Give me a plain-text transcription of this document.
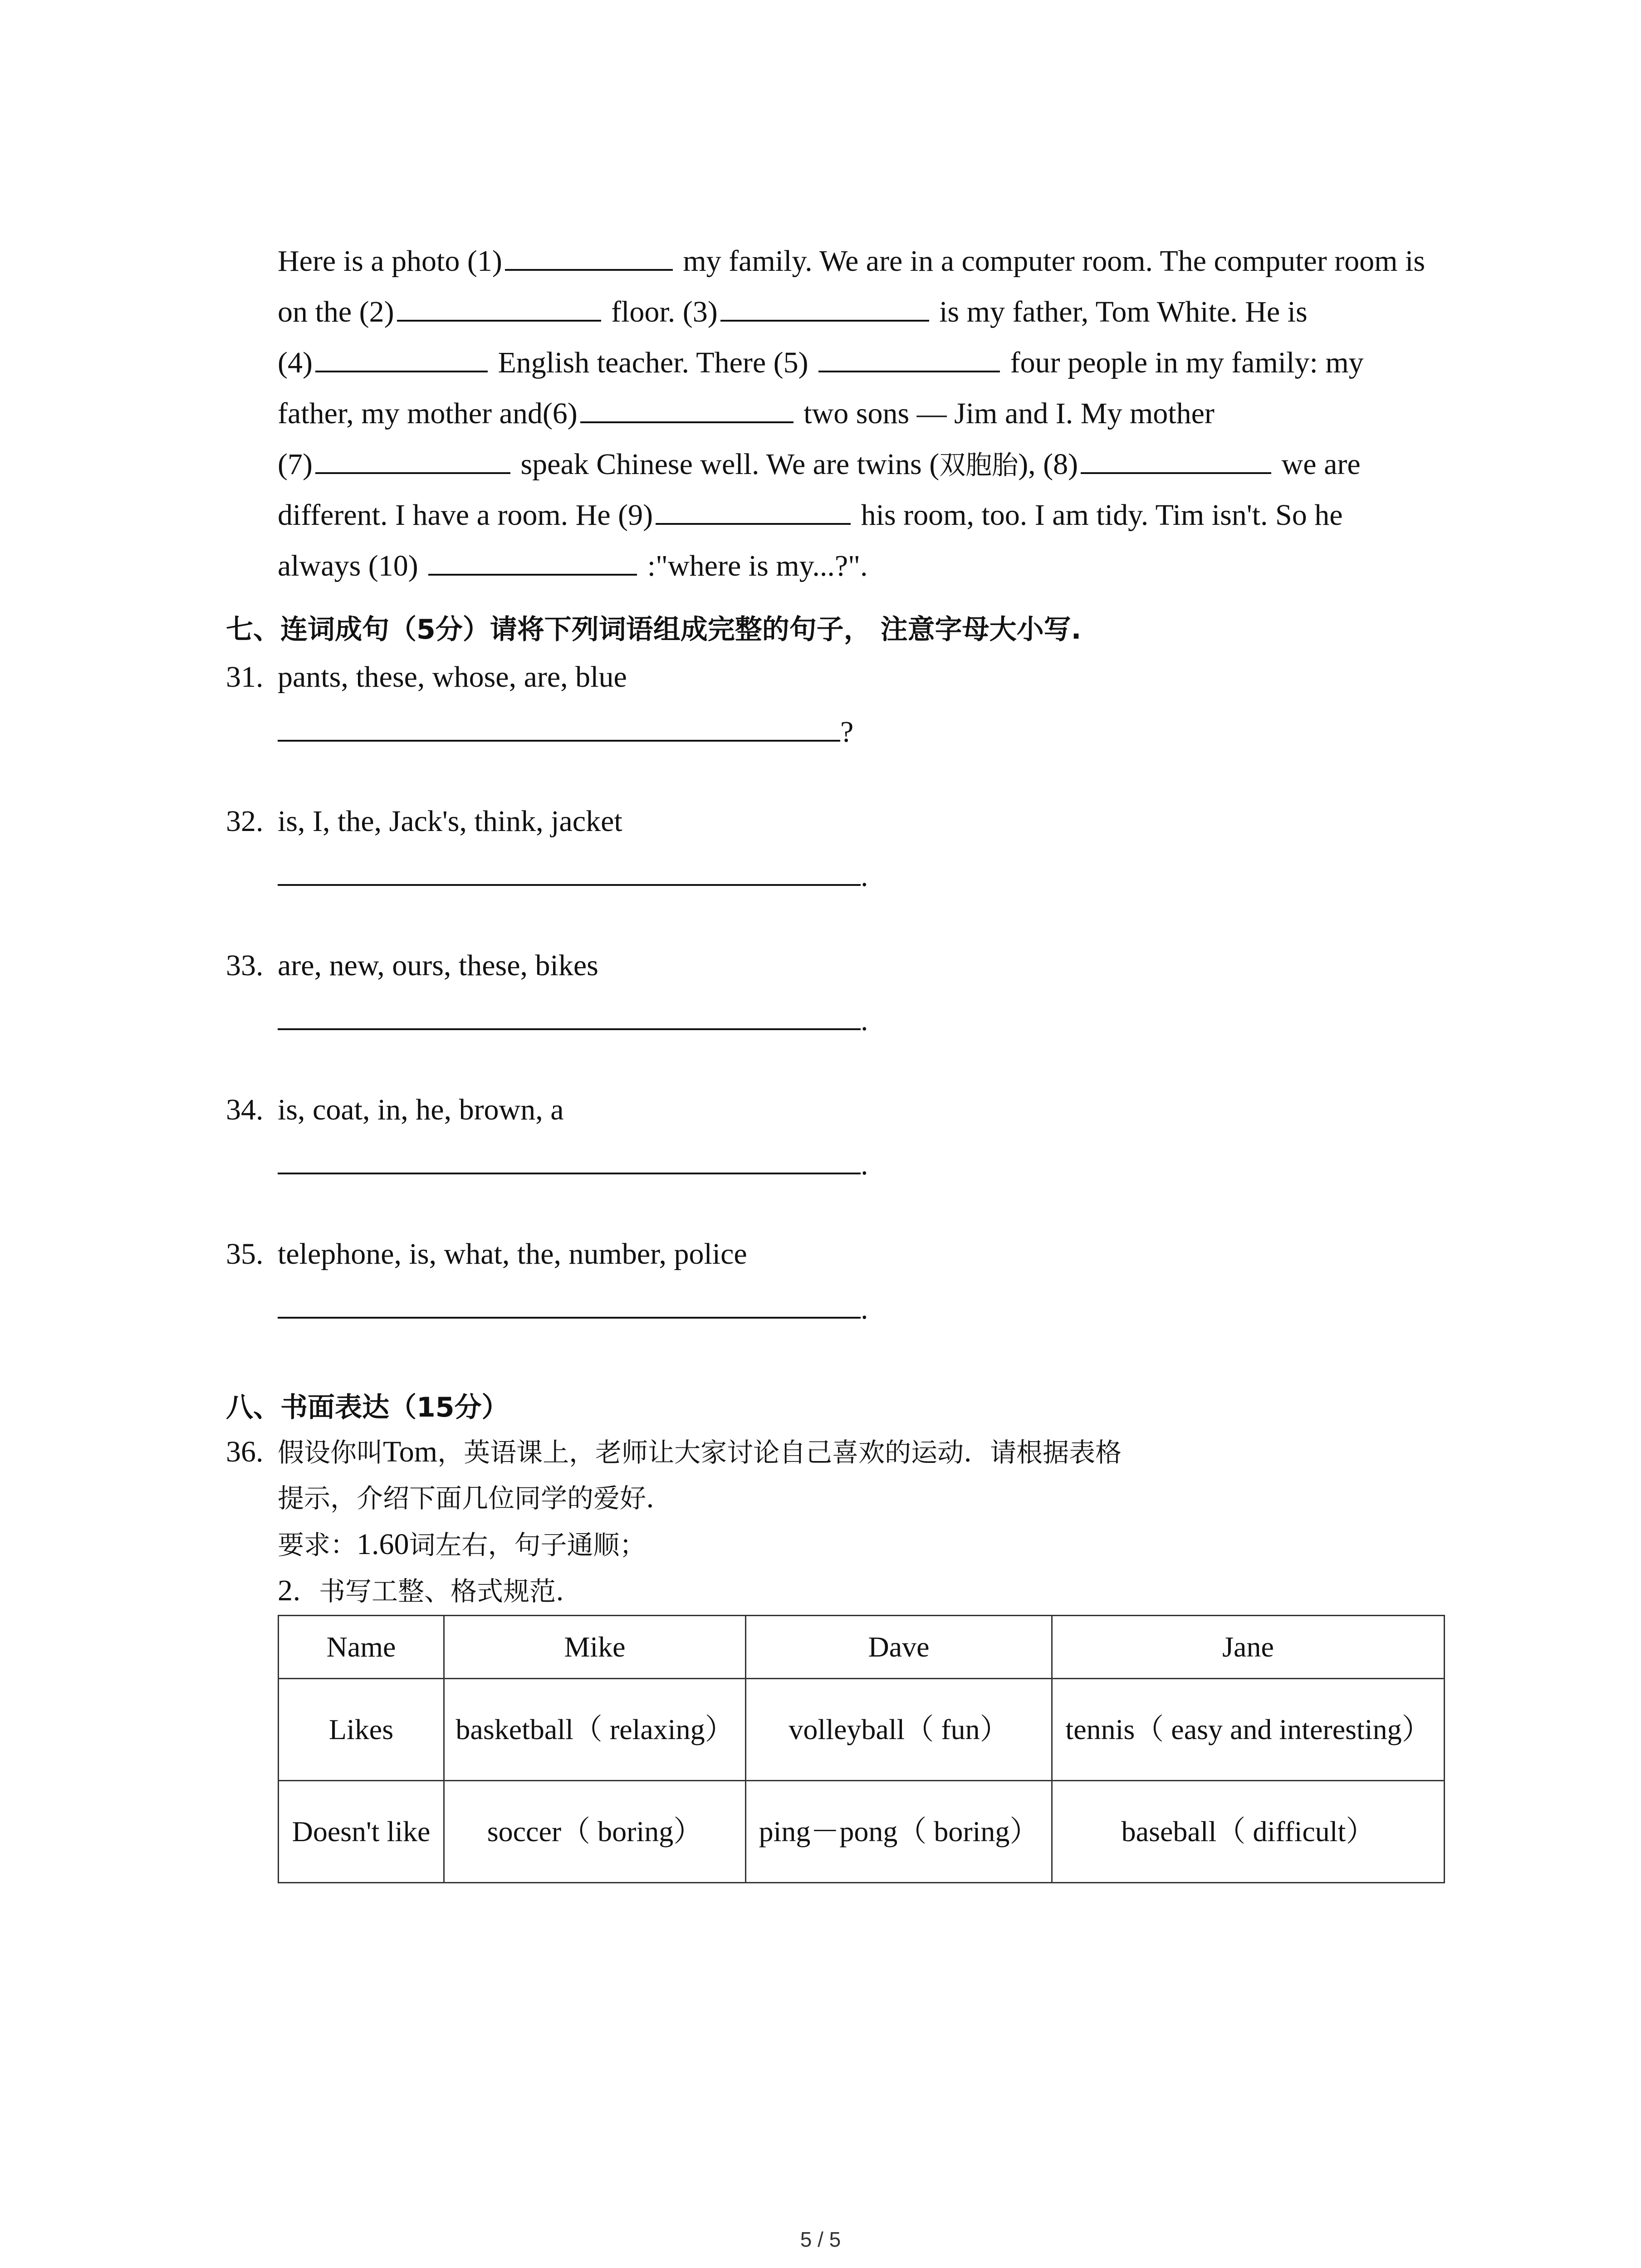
Here is a photo (1)	my family. We are in a computer room. The computer room is
on the (2)	floor. (3)	is my father, Tom White. He is
(4)	English teacher. There (5)	four people in my family: my
father, my mother and(6)	two sons — Jim and I. My mother
(7)	speak Chinese well. We are twins (双胞胎), (8)	we are
different. I have a room. He (9)	his room, too. I am tidy. Tim isn't. So he
always (10)	:"where is my...?".
七、连词成句（5分）请将下列词语组成完整的句子， 注意字母大小写.
31. pants, these, whose, are, blue
?
32. is, I, the, Jack's, think, jacket
.
33. are, new, ours, these, bikes
.
34. is, coat, in, he, brown, a
.
35. telephone, is, what, the, number, police
.
八、书面表达（15分）
36. 假设你叫Tom，英语课上，老师让大家讨论自己喜欢的运动．请根据表格
提示，介绍下面几位同学的爱好．
要求：1.60词左右，句子通顺；
2．书写工整、格式规范．
Name	Mike	Dave	Jane
Likes	basketball（ relaxing）	volleyball（ fun）	tennis（ easy and interesting）
Doesn't like	soccer（ boring）	ping－pong（ boring）	baseball（ difficult）
5 / 5
